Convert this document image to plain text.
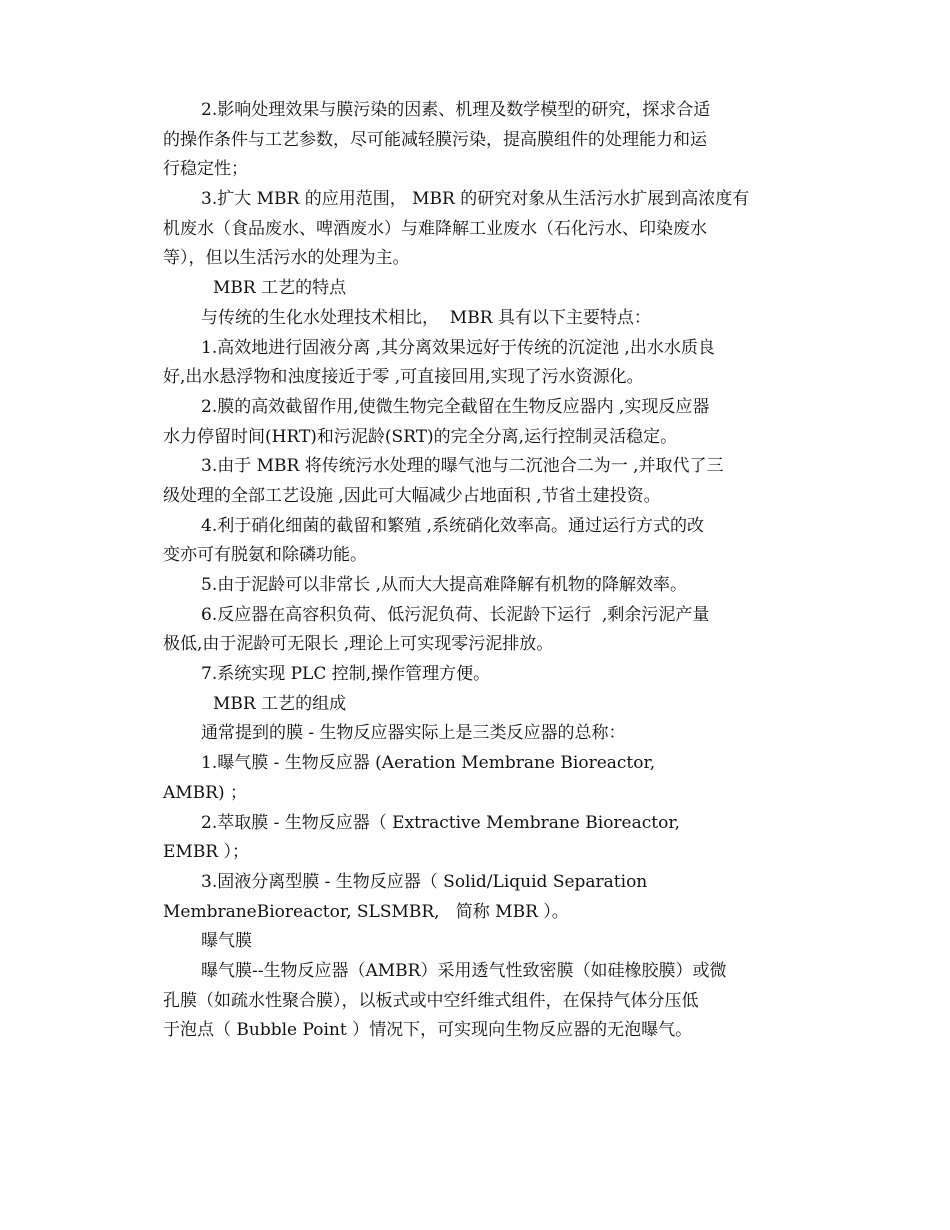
2.影响处理效果与膜污染的因素、机理及数学模型的研究，探求合适
的操作条件与工艺参数，尽可能减轻膜污染，提高膜组件的处理能力和运
行稳定性；
3.扩大 MBR 的应用范围， MBR 的研究对象从生活污水扩展到高浓度有
机废水（食品废水、啤酒废水）与难降解工业废水（石化污水、印染废水
等），但以生活污水的处理为主。
MBR 工艺的特点
与传统的生化水处理技术相比，  MBR 具有以下主要特点：
1.高效地进行固液分离 ,其分离效果远好于传统的沉淀池 ,出水水质良
好,出水悬浮物和浊度接近于零 ,可直接回用,实现了污水资源化。
2.膜的高效截留作用,使微生物完全截留在生物反应器内 ,实现反应器
水力停留时间(HRT)和污泥龄(SRT)的完全分离,运行控制灵活稳定。
3.由于 MBR 将传统污水处理的曝气池与二沉池合二为一 ,并取代了三
级处理的全部工艺设施 ,因此可大幅减少占地面积 ,节省土建投资。
4.利于硝化细菌的截留和繁殖 ,系统硝化效率高。通过运行方式的改
变亦可有脱氨和除磷功能。
5.由于泥龄可以非常长 ,从而大大提高难降解有机物的降解效率。
6.反应器在高容积负荷、低污泥负荷、长泥龄下运行  ,剩余污泥产量
极低,由于泥龄可无限长 ,理论上可实现零污泥排放。
7.系统实现 PLC 控制,操作管理方便。
MBR 工艺的组成
通常提到的膜 - 生物反应器实际上是三类反应器的总称：
1.曝气膜 - 生物反应器 (Aeration Membrane Bioreactor,
AMBR) ；
2.萃取膜 - 生物反应器（ Extractive Membrane Bioreactor,
EMBR ）；
3.固液分离型膜 - 生物反应器（ Solid/Liquid Separation
MembraneBioreactor, SLSMBR,   简称 MBR ）。
曝气膜
曝气膜--生物反应器（AMBR）采用透气性致密膜（如硅橡胶膜）或微
孔膜（如疏水性聚合膜），以板式或中空纤维式组件，在保持气体分压低
于泡点（ Bubble Point ）情况下，可实现向生物反应器的无泡曝气。
